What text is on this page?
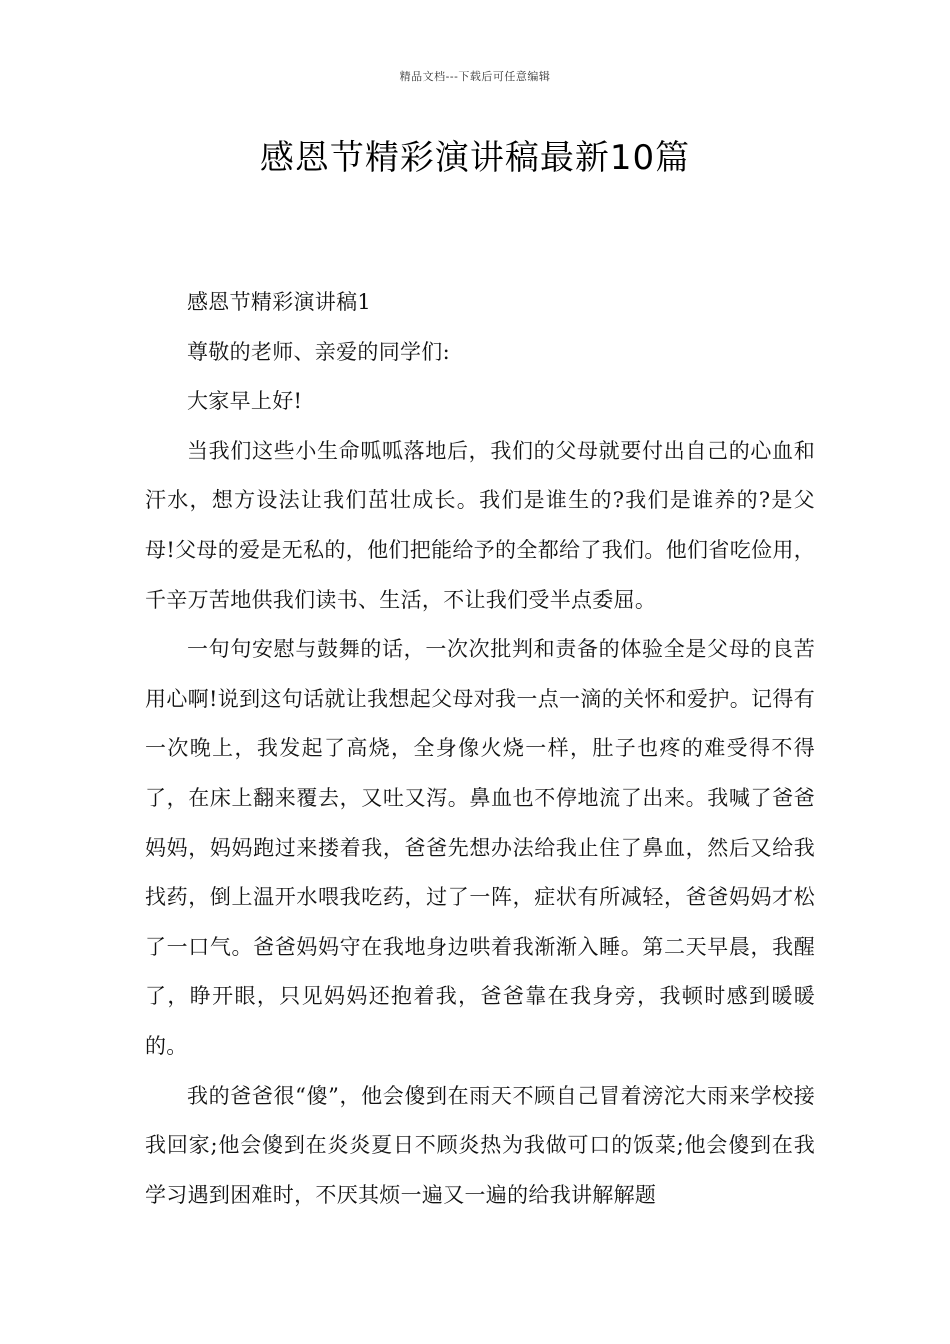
精品文档---下载后可任意编辑
感恩节精彩演讲稿最新10篇

感恩节精彩演讲稿1

尊敬的老师、亲爱的同学们:

大家早上好!

当我们这些小生命呱呱落地后，我们的父母就要付出自己的心血和汗水，想方设法让我们茁壮成长。我们是谁生的?我们是谁养的?是父母!父母的爱是无私的，他们把能给予的全都给了我们。他们省吃俭用，千辛万苦地供我们读书、生活，不让我们受半点委屈。

一句句安慰与鼓舞的话，一次次批判和责备的体验全是父母的良苦用心啊!说到这句话就让我想起父母对我一点一滴的关怀和爱护。记得有一次晚上，我发起了高烧，全身像火烧一样，肚子也疼的难受得不得了，在床上翻来覆去，又吐又泻。鼻血也不停地流了出来。我喊了爸爸妈妈，妈妈跑过来搂着我，爸爸先想办法给我止住了鼻血，然后又给我找药，倒上温开水喂我吃药，过了一阵，症状有所减轻，爸爸妈妈才松了一口气。爸爸妈妈守在我地身边哄着我渐渐入睡。第二天早晨，我醒了，睁开眼，只见妈妈还抱着我，爸爸靠在我身旁，我顿时感到暖暖的。

我的爸爸很“傻”，他会傻到在雨天不顾自己冒着滂沱大雨来学校接我回家;他会傻到在炎炎夏日不顾炎热为我做可口的饭菜;他会傻到在我学习遇到困难时，不厌其烦一遍又一遍的给我讲解解题
